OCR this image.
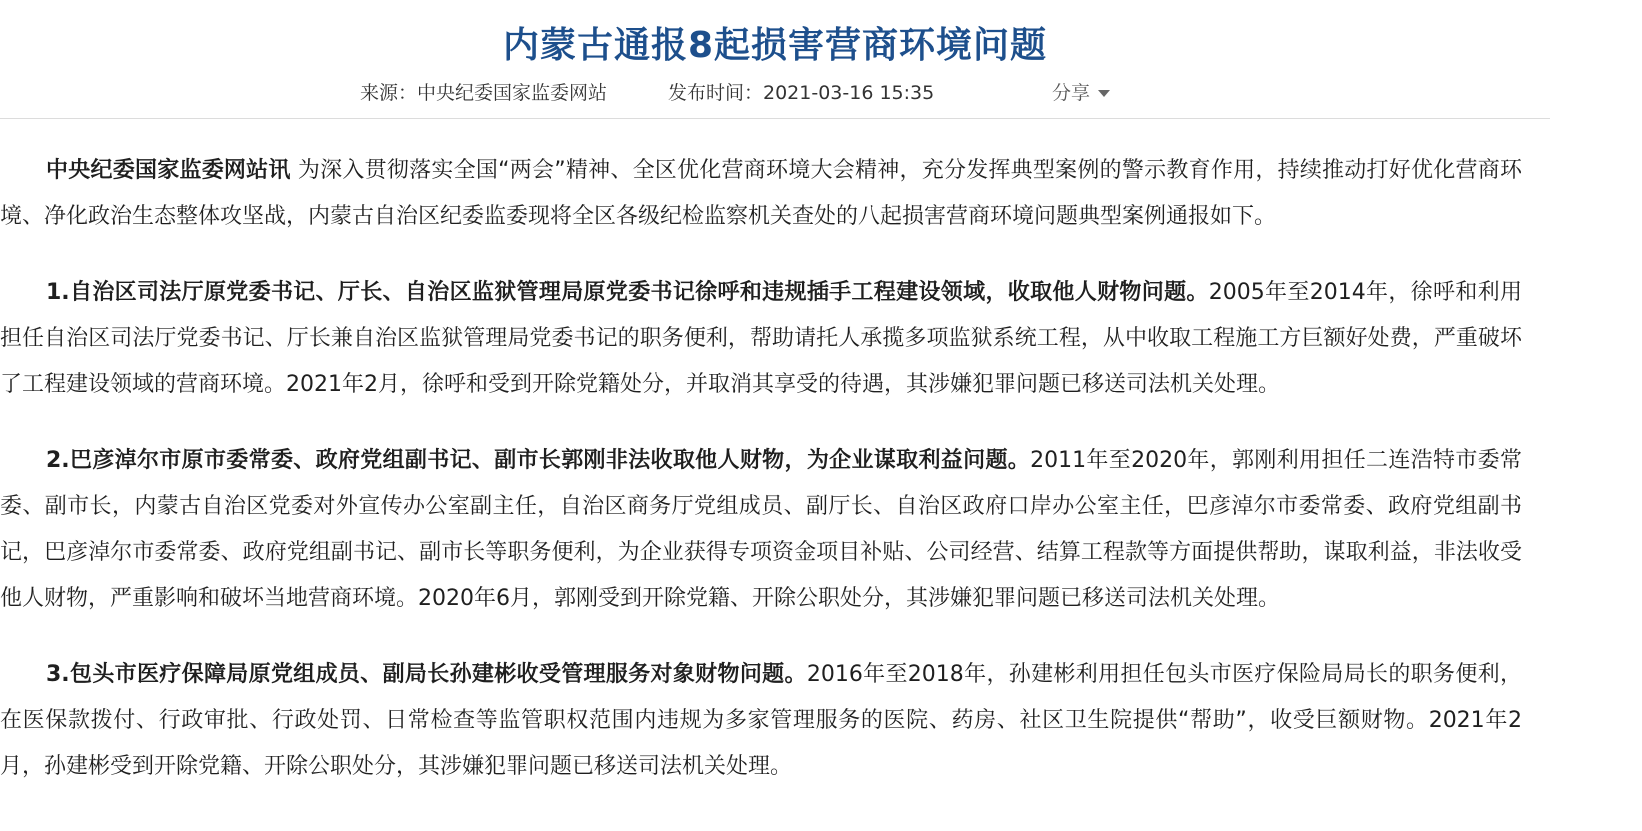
内蒙古通报8起损害营商环境问题
来源：中央纪委国家监委网站	发布时间：2021-03-16 15:35	分享

中央纪委国家监委网站讯 为深入贯彻落实全国“两会”精神、全区优化营商环境大会精神，充分发挥典型案例的警示教育作用，持续推动打好优化营商环境、净化政治生态整体攻坚战，内蒙古自治区纪委监委现将全区各级纪检监察机关查处的八起损害营商环境问题典型案例通报如下。

1.自治区司法厅原党委书记、厅长、自治区监狱管理局原党委书记徐呼和违规插手工程建设领域，收取他人财物问题。2005年至2014年，徐呼和利用担任自治区司法厅党委书记、厅长兼自治区监狱管理局党委书记的职务便利，帮助请托人承揽多项监狱系统工程，从中收取工程施工方巨额好处费，严重破坏了工程建设领域的营商环境。2021年2月，徐呼和受到开除党籍处分，并取消其享受的待遇，其涉嫌犯罪问题已移送司法机关处理。

2.巴彦淖尔市原市委常委、政府党组副书记、副市长郭刚非法收取他人财物，为企业谋取利益问题。2011年至2020年，郭刚利用担任二连浩特市委常委、副市长，内蒙古自治区党委对外宣传办公室副主任，自治区商务厅党组成员、副厅长、自治区政府口岸办公室主任，巴彦淖尔市委常委、政府党组副书记，巴彦淖尔市委常委、政府党组副书记、副市长等职务便利，为企业获得专项资金项目补贴、公司经营、结算工程款等方面提供帮助，谋取利益，非法收受他人财物，严重影响和破坏当地营商环境。2020年6月，郭刚受到开除党籍、开除公职处分，其涉嫌犯罪问题已移送司法机关处理。

3.包头市医疗保障局原党组成员、副局长孙建彬收受管理服务对象财物问题。2016年至2018年，孙建彬利用担任包头市医疗保险局局长的职务便利，在医保款拨付、行政审批、行政处罚、日常检查等监管职权范围内违规为多家管理服务的医院、药房、社区卫生院提供“帮助”，收受巨额财物。2021年2月，孙建彬受到开除党籍、开除公职处分，其涉嫌犯罪问题已移送司法机关处理。
